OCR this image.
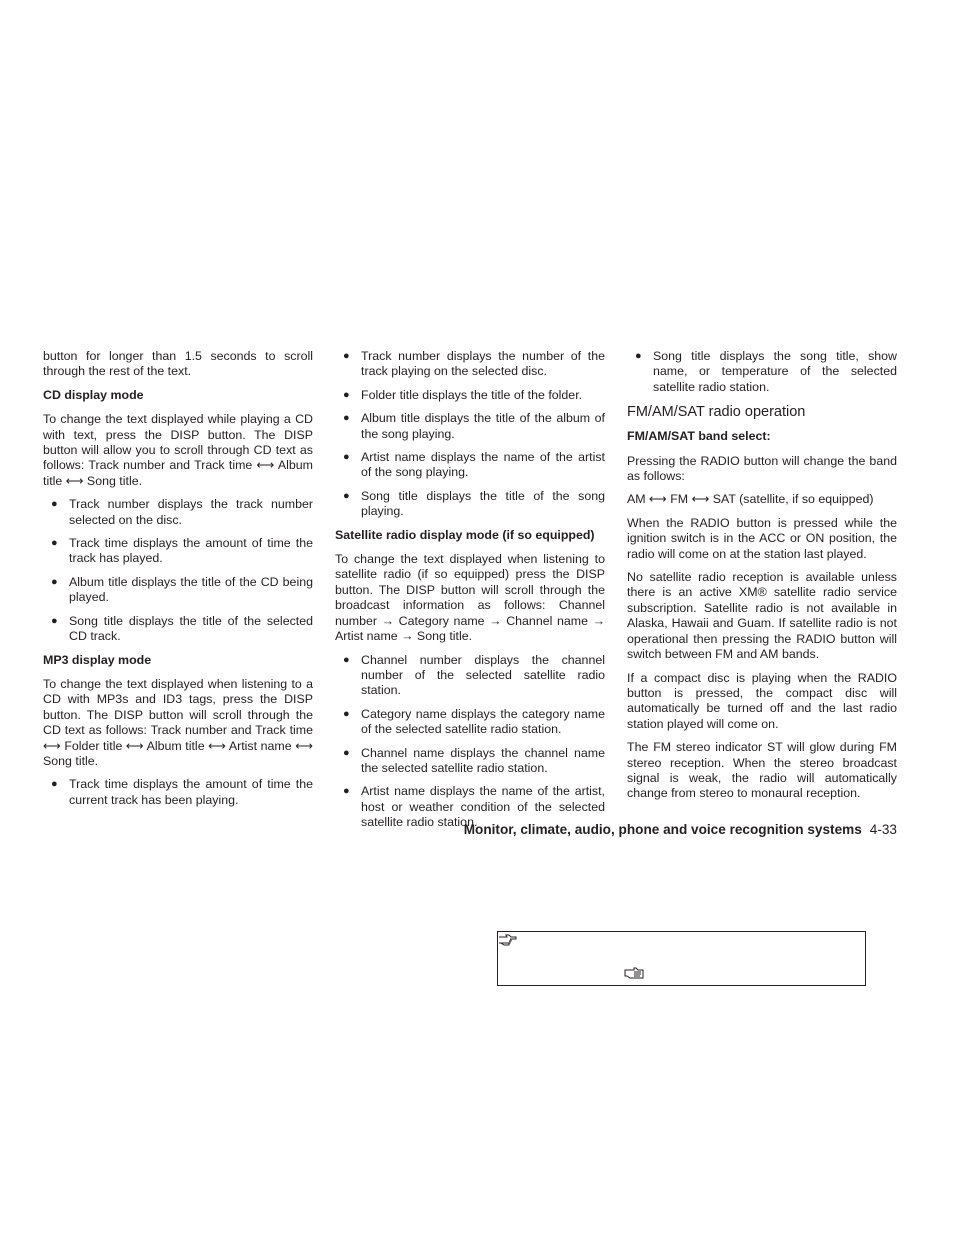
button for longer than 1.5 seconds to scroll through the rest of the text.

CD display mode

To change the text displayed while playing a CD with text, press the DISP button. The DISP button will allow you to scroll through CD text as follows: Track number and Track time ⟷ Album title ⟷ Song title.

● Track number displays the track number selected on the disc.
● Track time displays the amount of time the track has played.
● Album title displays the title of the CD being played.
● Song title displays the title of the selected CD track.

MP3 display mode

To change the text displayed when listening to a CD with MP3s and ID3 tags, press the DISP button. The DISP button will scroll through the CD text as follows: Track number and Track time ⟷ Folder title ⟷ Album title ⟷ Artist name ⟷ Song title.

● Track time displays the amount of time the current track has been playing.
● Track number displays the number of the track playing on the selected disc.
● Folder title displays the title of the folder.
● Album title displays the title of the album of the song playing.
● Artist name displays the name of the artist of the song playing.
● Song title displays the title of the song playing.

Satellite radio display mode (if so equipped)

To change the text displayed when listening to satellite radio (if so equipped) press the DISP button. The DISP button will scroll through the broadcast information as follows: Channel number → Category name → Channel name → Artist name → Song title.

● Channel number displays the channel number of the selected satellite radio station.
● Category name displays the category name of the selected satellite radio station.
● Channel name displays the channel name the selected satellite radio station.
● Artist name displays the name of the artist, host or weather condition of the selected satellite radio station.
● Song title displays the song title, show name, or temperature of the selected satellite radio station.

FM/AM/SAT radio operation

FM/AM/SAT band select:

Pressing the RADIO button will change the band as follows:

AM ⟷ FM ⟷ SAT (satellite, if so equipped)

When the RADIO button is pressed while the ignition switch is in the ACC or ON position, the radio will come on at the station last played.

No satellite radio reception is available unless there is an active XM® satellite radio service subscription. Satellite radio is not available in Alaska, Hawaii and Guam. If satellite radio is not operational then pressing the RADIO button will switch between FM and AM bands.

If a compact disc is playing when the RADIO button is pressed, the compact disc will automatically be turned off and the last radio station played will come on.

The FM stereo indicator ST will glow during FM stereo reception. When the stereo broadcast signal is weak, the radio will automatically change from stereo to monaural reception.

Monitor, climate, audio, phone and voice recognition systems 4-33
